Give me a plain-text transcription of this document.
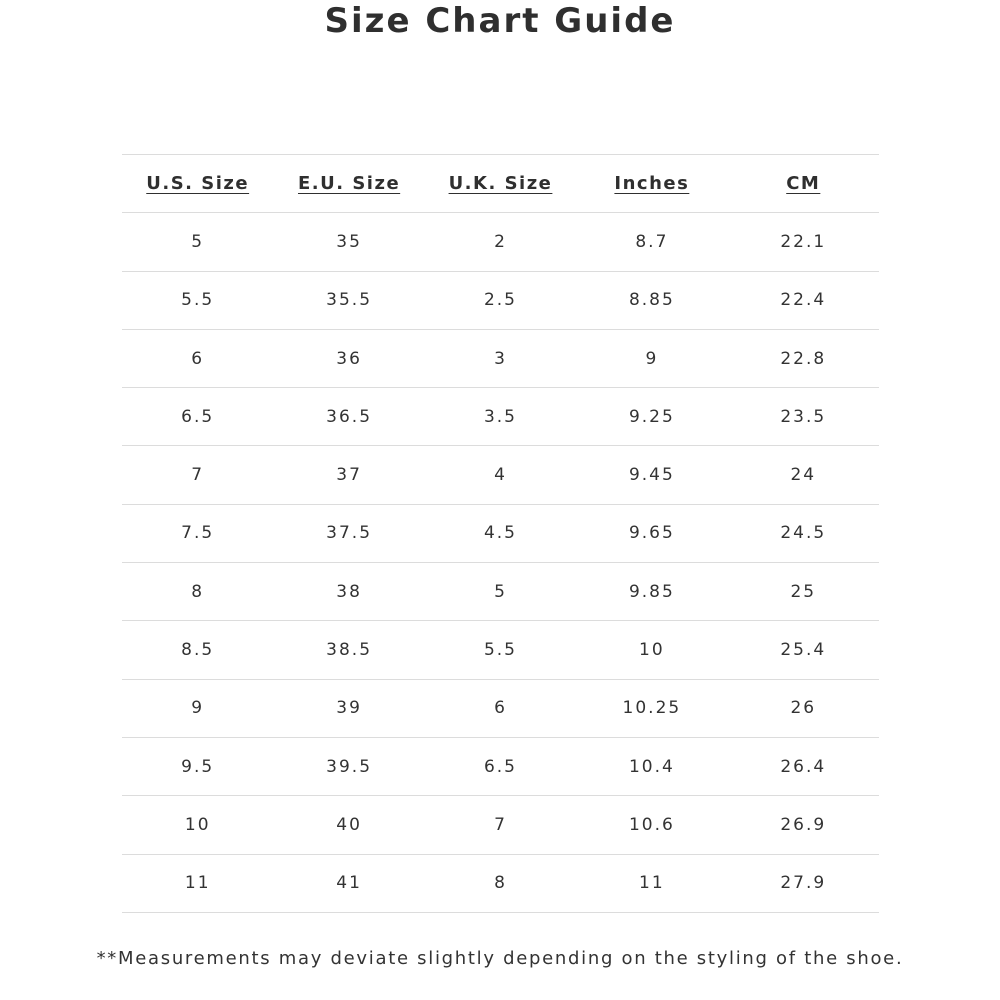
Size Chart Guide
U.S. Size	E.U. Size	U.K. Size	Inches	CM
5	35	2	8.7	22.1
5.5	35.5	2.5	8.85	22.4
6	36	3	9	22.8
6.5	36.5	3.5	9.25	23.5
7	37	4	9.45	24
7.5	37.5	4.5	9.65	24.5
8	38	5	9.85	25
8.5	38.5	5.5	10	25.4
9	39	6	10.25	26
9.5	39.5	6.5	10.4	26.4
10	40	7	10.6	26.9
11	41	8	11	27.9
**Measurements may deviate slightly depending on the styling of the shoe.
